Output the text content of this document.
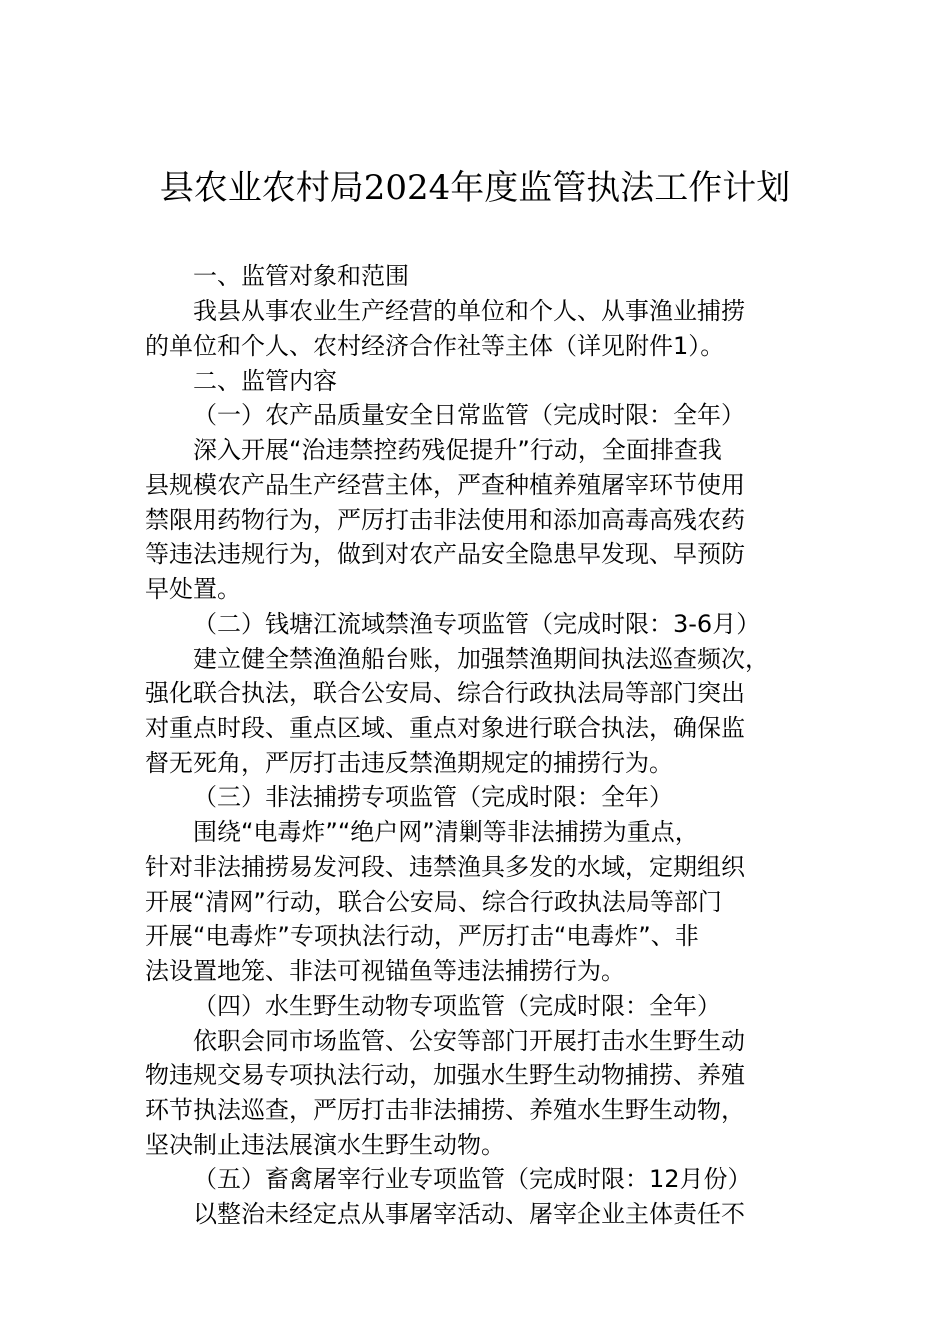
县农业农村局2024年度监管执法工作计划
一、监管对象和范围
我县从事农业生产经营的单位和个人、从事渔业捕捞
的单位和个人、农村经济合作社等主体（详见附件1）。
二、监管内容
（一）农产品质量安全日常监管（完成时限：全年）
深入开展“治违禁控药残促提升”行动，全面排查我
县规模农产品生产经营主体，严查种植养殖屠宰环节使用
禁限用药物行为，严厉打击非法使用和添加高毒高残农药
等违法违规行为，做到对农产品安全隐患早发现、早预防
早处置。
（二）钱塘江流域禁渔专项监管（完成时限：3-6月）
建立健全禁渔渔船台账，加强禁渔期间执法巡查频次，
强化联合执法，联合公安局、综合行政执法局等部门突出
对重点时段、重点区域、重点对象进行联合执法，确保监
督无死角，严厉打击违反禁渔期规定的捕捞行为。
（三）非法捕捞专项监管（完成时限：全年）
围绕“电毒炸”“绝户网”清剿等非法捕捞为重点，
针对非法捕捞易发河段、违禁渔具多发的水域，定期组织
开展“清网”行动，联合公安局、综合行政执法局等部门
开展“电毒炸”专项执法行动，严厉打击“电毒炸”、非
法设置地笼、非法可视锚鱼等违法捕捞行为。
（四）水生野生动物专项监管（完成时限：全年）
依职会同市场监管、公安等部门开展打击水生野生动
物违规交易专项执法行动，加强水生野生动物捕捞、养殖
环节执法巡查，严厉打击非法捕捞、养殖水生野生动物，
坚决制止违法展演水生野生动物。
（五）畜禽屠宰行业专项监管（完成时限：12月份）
以整治未经定点从事屠宰活动、屠宰企业主体责任不
